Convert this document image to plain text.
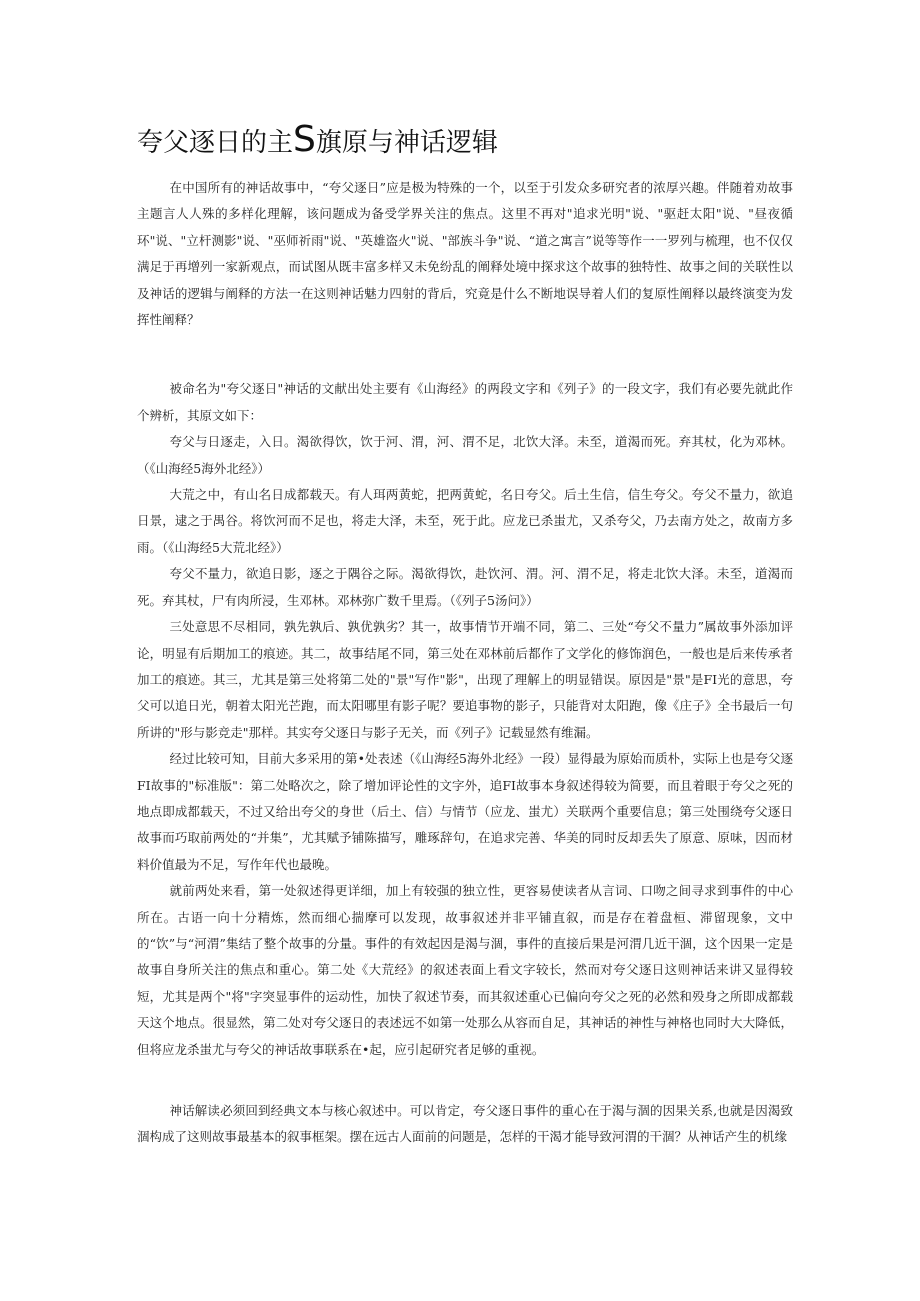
夸父逐日的主S旗原与神话逻辑

在中国所有的神话故事中，“夸父逐日”应是极为特殊的一个，以至于引发众多研究者的浓厚兴趣。伴随着劝故事主题言人人殊的多样化理解，该问题成为备受学界关注的焦点。这里不再对"追求光明"说、"驱赶太阳"说、"昼夜循环"说、"立杆测影"说、"巫师祈雨"说、"英雄盗火"说、"部族斗争"说、“道之寓言”说等等作一一罗列与梳理，也不仅仅满足于再增列一家新观点，而试图从既丰富多样又未免纷乱的阐释处境中探求这个故事的独特性、故事之间的关联性以及神话的逻辑与阐释的方法一在这则神话魅力四射的背后，究竟是什么不断地误导着人们的复原性阐释以最终演变为发挥性阐释？

被命名为"夸父逐日"神话的文献出处主要有《山海经》的两段文字和《列子》的一段文字，我们有必要先就此作个辨析，其原文如下：

夸父与日逐走，入日。渴欲得饮，饮于河、渭，河、渭不足，北饮大泽。未至，道渴而死。弃其杖，化为邓林。（《山海经5海外北经》）

大荒之中，有山名日成都载天。有人珥两黄蛇，把两黄蛇，名日夸父。后土生信，信生夸父。夸父不量力，欲追日景，逮之于禺谷。将饮河而不足也，将走大泽，未至，死于此。应龙已杀蚩尤，又杀夸父，乃去南方处之，故南方多雨。（《山海经5大荒北经》）

夸父不量力，欲追日影，逐之于隅谷之际。渴欲得饮，赴饮河、渭。河、渭不足，将走北饮大泽。未至，道渴而死。弃其杖，尸有肉所浸，生邓林。邓林弥广数千里焉。（《列子5汤问》）

三处意思不尽相同，孰先孰后、孰优孰劣？其一，故事情节开端不同，第二、三处“夸父不量力”属故事外添加评论，明显有后期加工的痕迹。其二，故事结尾不同，第三处在邓林前后都作了文学化的修饰润色，一般也是后来传承者加工的痕迹。其三，尤其是第三处将第二处的"景"写作"影"，出现了理解上的明显错误。原因是"景"是FI光的意思，夸父可以追日光，朝着太阳光芒跑，而太阳哪里有影子呢？要追事物的影子，只能背对太阳跑，像《庄子》全书最后一句所讲的"形与影竞走"那样。其实夸父逐日与影子无关，而《列子》记载显然有维漏。

经过比较可知，目前大多采用的第•处表述（《山海经5海外北经》一段）显得最为原始而质朴，实际上也是夸父逐FI故事的"标准版"：第二处略次之，除了增加评论性的文字外，追FI故事本身叙述得较为简要，而且着眼于夸父之死的地点即成都载天，不过又给出夸父的身世（后土、信）与情节（应龙、蚩尤）关联两个重要信息；第三处围绕夸父逐日故事而巧取前两处的“并集”，尤其赋予铺陈描写，雕琢辞句，在追求完善、华美的同时反却丢失了原意、原味，因而材料价值最为不足，写作年代也最晚。

就前两处来看，第一处叙述得更详细，加上有较强的独立性，更容易使读者从言词、口吻之间寻求到事件的中心所在。古语一向十分精炼，然而细心揣摩可以发现，故事叙述并非平铺直叙，而是存在着盘桓、滞留现象，文中的“饮”与“河渭”集结了整个故事的分量。事件的有效起因是渴与涸，事件的直接后果是河渭几近干涸，这个因果一定是故事自身所关注的焦点和重心。第二处《大荒经》的叙述表面上看文字较长，然而对夸父逐日这则神话来讲又显得较短，尤其是两个"将"字突显事件的运动性，加快了叙述节奏，而其叙述重心已偏向夸父之死的必然和殁身之所即成都载天这个地点。很显然，第二处对夸父逐日的表述远不如第一处那么从容而自足，其神话的神性与神格也同时大大降低，但将应龙杀蚩尤与夸父的神话故事联系在•起，应引起研究者足够的重视。

神话解读必须回到经典文本与核心叙述中。可以肯定，夸父逐日事件的重心在于渴与涸的因果关系,也就是因渴致涸构成了这则故事最基本的叙事框架。摆在远古人面前的问题是，怎样的干渴才能导致河渭的干涸？从神话产生的机缘
